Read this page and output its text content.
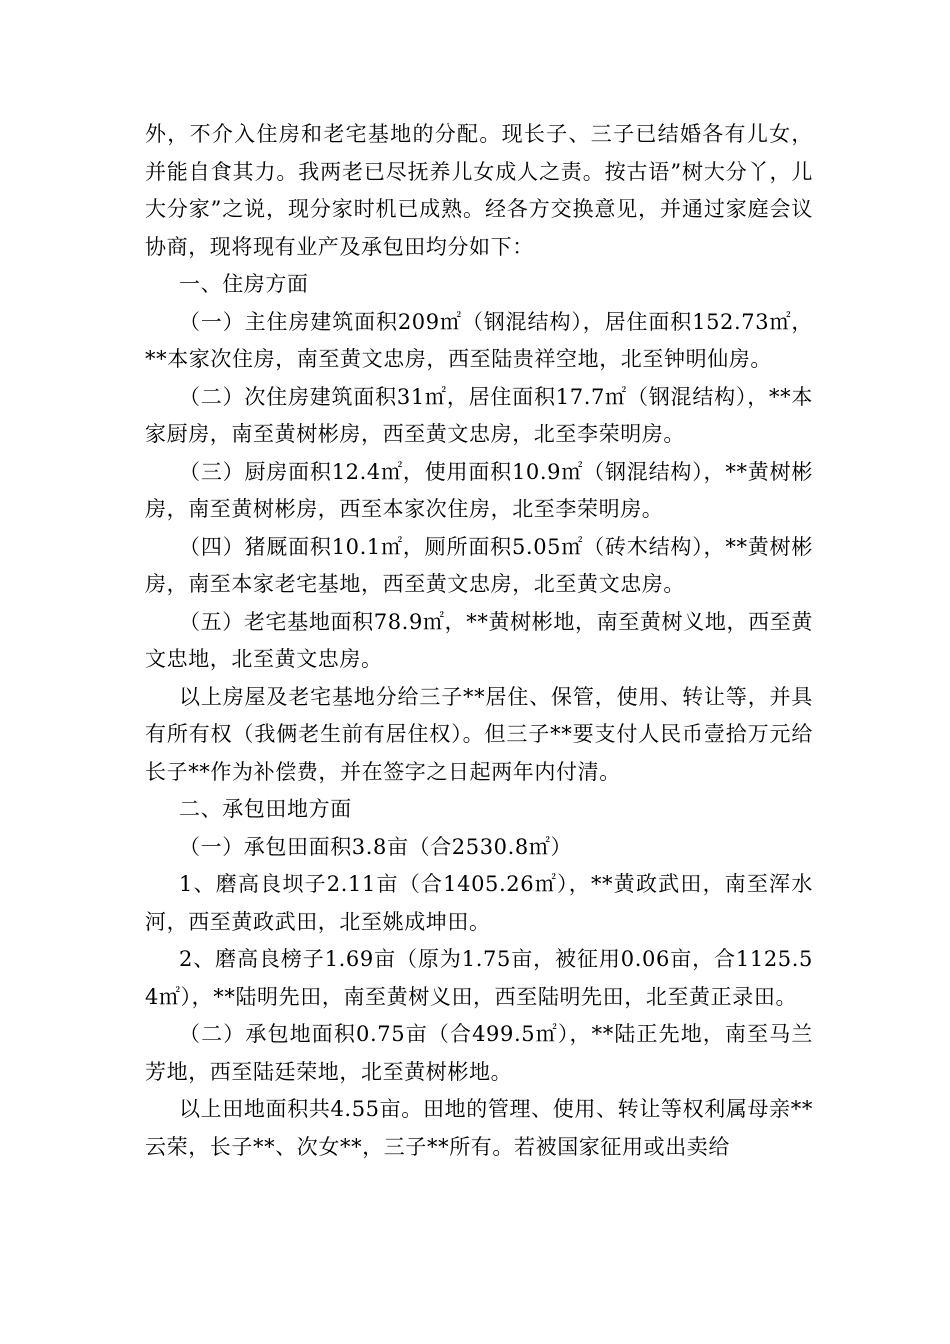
外，不介入住房和老宅基地的分配。现长子、三子已结婚各有儿女，并能自食其力。我两老已尽抚养儿女成人之责。按古语”树大分丫，儿大分家”之说，现分家时机已成熟。经各方交换意见，并通过家庭会议协商，现将现有业产及承包田均分如下：

一、住房方面

（一）主住房建筑面积209㎡（钢混结构），居住面积152.73㎡，**本家次住房，南至黄文忠房，西至陆贵祥空地，北至钟明仙房。

（二）次住房建筑面积31㎡，居住面积17.7㎡（钢混结构），**本家厨房，南至黄树彬房，西至黄文忠房，北至李荣明房。

（三）厨房面积12.4㎡，使用面积10.9㎡（钢混结构），**黄树彬房，南至黄树彬房，西至本家次住房，北至李荣明房。

（四）猪厩面积10.1㎡，厕所面积5.05㎡（砖木结构），**黄树彬房，南至本家老宅基地，西至黄文忠房，北至黄文忠房。

（五）老宅基地面积78.9㎡，**黄树彬地，南至黄树义地，西至黄文忠地，北至黄文忠房。

以上房屋及老宅基地分给三子**居住、保管，使用、转让等，并具有所有权（我俩老生前有居住权）。但三子**要支付人民币壹拾万元给长子**作为补偿费，并在签字之日起两年内付清。

二、承包田地方面

（一）承包田面积3.8亩（合2530.8㎡）

1、磨高良坝子2.11亩（合1405.26㎡），**黄政武田，南至浑水河，西至黄政武田，北至姚成坤田。

2、磨高良榜子1.69亩（原为1.75亩，被征用0.06亩，合1125.54㎡），**陆明先田，南至黄树义田，西至陆明先田，北至黄正录田。

（二）承包地面积0.75亩（合499.5㎡），**陆正先地，南至马兰芳地，西至陆廷荣地，北至黄树彬地。

以上田地面积共4.55亩。田地的管理、使用、转让等权利属母亲**云荣，长子**、次女**，三子**所有。若被国家征用或出卖给
